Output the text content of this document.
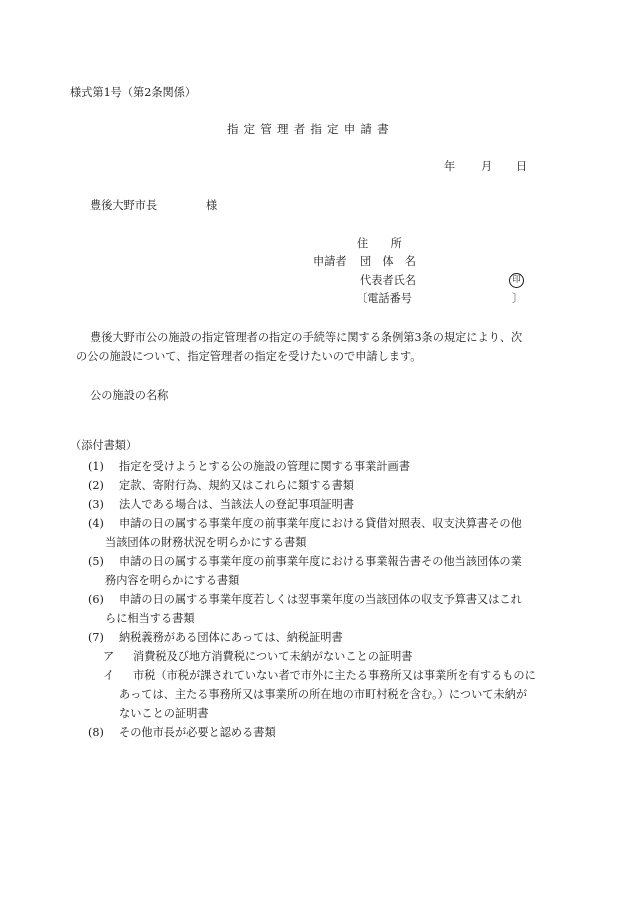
様式第1号（第2条関係）
指定管理者指定申請書
年 月 日
豊後大野市長	様
住　　所
申請者 団　体　名
代表者氏名	印
〔電話番号	〕
豊後大野市公の施設の指定管理者の指定の手続等に関する条例第3条の規定により、次
の公の施設について、指定管理者の指定を受けたいので申請します。
公の施設の名称
（添付書類）
(1) 指定を受けようとする公の施設の管理に関する事業計画書
(2) 定款、寄附行為、規約又はこれらに類する書類
(3) 法人である場合は、当該法人の登記事項証明書
(4) 申請の日の属する事業年度の前事業年度における貸借対照表、収支決算書その他
当該団体の財務状況を明らかにする書類
(5) 申請の日の属する事業年度の前事業年度における事業報告書その他当該団体の業
務内容を明らかにする書類
(6) 申請の日の属する事業年度若しくは翌事業年度の当該団体の収支予算書又はこれ
らに相当する書類
(7) 納税義務がある団体にあっては、納税証明書
ア 消費税及び地方消費税について未納がないことの証明書
イ 市税（市税が課されていない者で市外に主たる事務所又は事業所を有するものに
あっては、主たる事務所又は事業所の所在地の市町村税を含む。）について未納が
ないことの証明書
(8) その他市長が必要と認める書類
